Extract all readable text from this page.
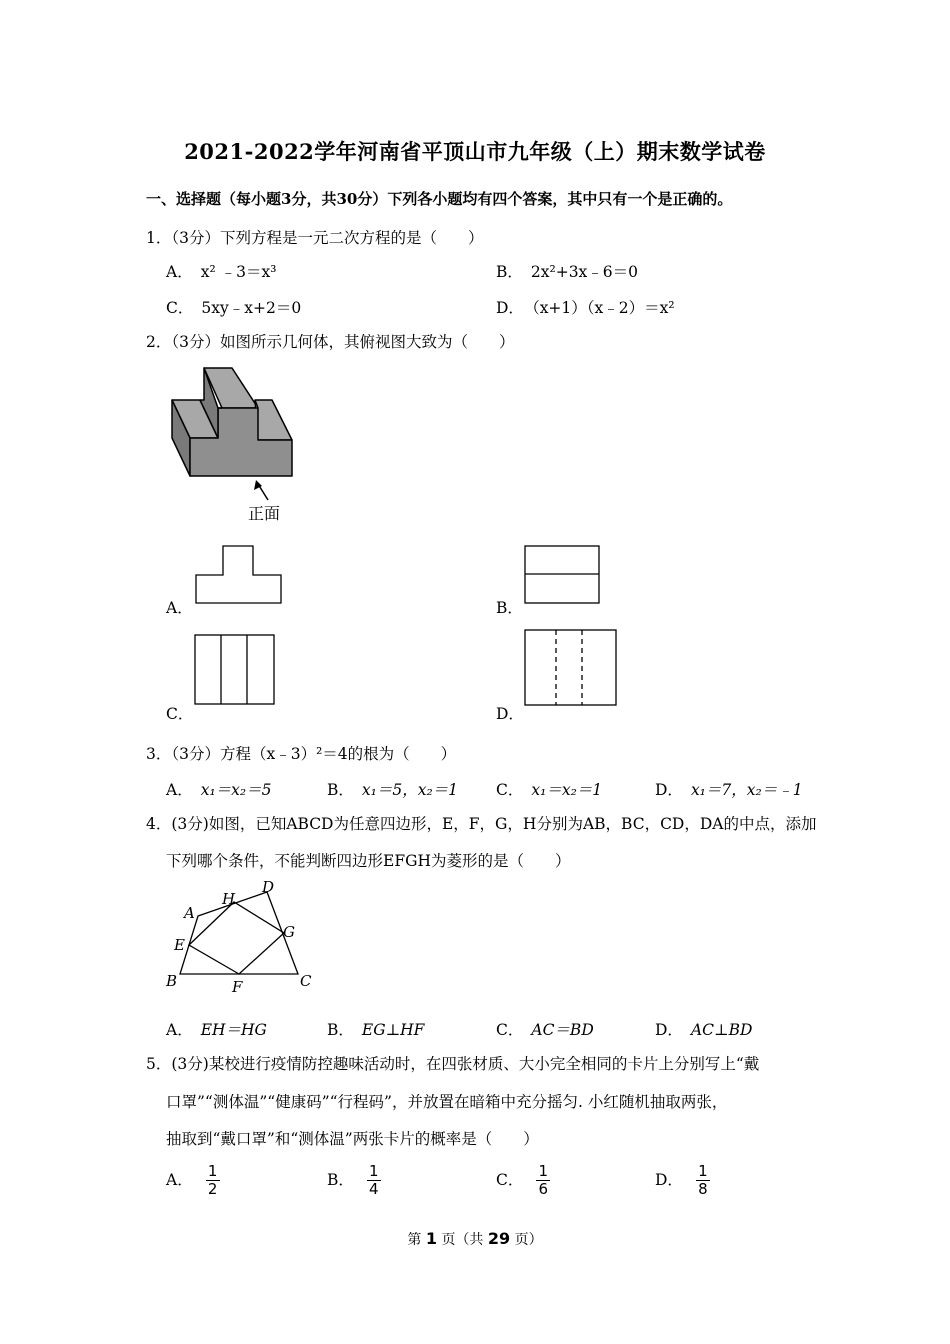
2021-2022学年河南省平顶山市九年级（上）期末数学试卷
一、选择题（每小题3分，共30分）下列各小题均有四个答案，其中只有一个是正确的。
1．（3分）下列方程是一元二次方程的是（　　）
A． x² ﹣3＝x³	B． 2x²+3x﹣6＝0
C． 5xy﹣x+2＝0	D． （x+1）（x﹣2）＝x²
2．（3分）如图所示几何体，其俯视图大致为（　　）
正面
A．	B．
C．	D．
3．（3分）方程（x﹣3）²＝4的根为（　　）
A． x₁＝x₂＝5	B． x₁＝5，x₂＝1 C． x₁＝x₂＝1	D． x₁＝7，x₂＝﹣1
4．(3分)如图，已知ABCD为任意四边形，E，F，G，H分别为AB，BC，CD，DA的中点，添加
下列哪个条件，不能判断四边形EFGH为菱形的是（　　）
A
B	C
D
E
F
G
H
A． EH＝HG	B． EG⊥HF	C． AC＝BD	D． AC⊥BD
5．(3分)某校进行疫情防控趣味活动时，在四张材质、大小完全相同的卡片上分别写上“戴
口罩”“测体温”“健康码”“行程码”，并放置在暗箱中充分摇匀. 小红随机抽取两张，
抽取到“戴口罩”和“测体温”两张卡片的概率是（　　）
A． $\frac{1}{2}$	B． $\frac{1}{4}$	C． $\frac{1}{6}$	D． $\frac{1}{8}$
第 1 页（共 29 页）
